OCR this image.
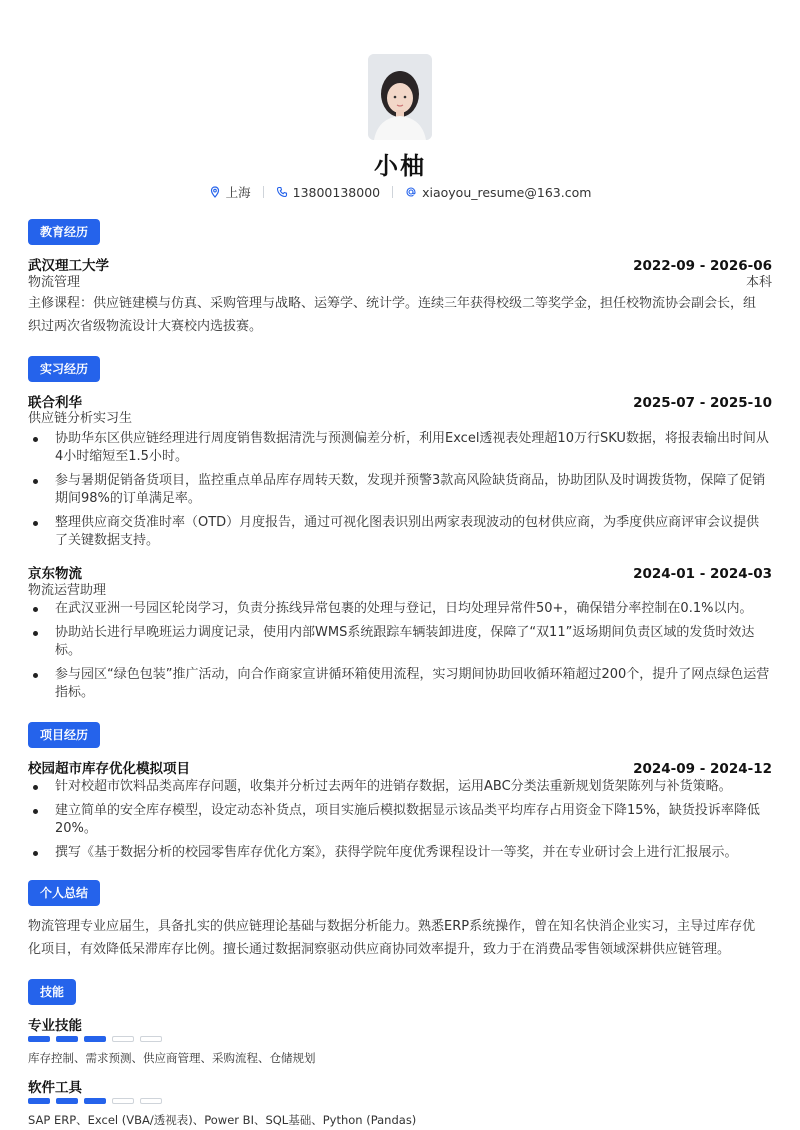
小柚
上海	13800138000	xiaoyou_resume@163.com
教育经历
武汉理工大学	2022-09 - 2026-06
物流管理	本科
主修课程：供应链建模与仿真、采购管理与战略、运筹学、统计学。连续三年获得校级二等奖学金，担任校物流协会副会长，组
织过两次省级物流设计大赛校内选拔赛。
实习经历
联合利华	2025-07 - 2025-10
供应链分析实习生
协助华东区供应链经理进行周度销售数据清洗与预测偏差分析，利用Excel透视表处理超10万行SKU数据，将报表输出时间从4小时缩短至1.5小时。
参与暑期促销备货项目，监控重点单品库存周转天数，发现并预警3款高风险缺货商品，协助团队及时调拨货物，保障了促销期间98%的订单满足率。
整理供应商交货准时率（OTD）月度报告，通过可视化图表识别出两家表现波动的包材供应商，为季度供应商评审会议提供了关键数据支持。
京东物流	2024-01 - 2024-03
物流运营助理
在武汉亚洲一号园区轮岗学习，负责分拣线异常包裹的处理与登记，日均处理异常件50+，确保错分率控制在0.1%以内。
协助站长进行早晚班运力调度记录，使用内部WMS系统跟踪车辆装卸进度，保障了“双11”返场期间负责区域的发货时效达标。
参与园区“绿色包装”推广活动，向合作商家宣讲循环箱使用流程，实习期间协助回收循环箱超过200个，提升了网点绿色运营指标。
项目经历
校园超市库存优化模拟项目	2024-09 - 2024-12
针对校超市饮料品类高库存问题，收集并分析过去两年的进销存数据，运用ABC分类法重新规划货架陈列与补货策略。
建立简单的安全库存模型，设定动态补货点，项目实施后模拟数据显示该品类平均库存占用资金下降15%，缺货投诉率降低20%。
撰写《基于数据分析的校园零售库存优化方案》，获得学院年度优秀课程设计一等奖，并在专业研讨会上进行汇报展示。
个人总结
物流管理专业应届生，具备扎实的供应链理论基础与数据分析能力。熟悉ERP系统操作，曾在知名快消企业实习，主导过库存优
化项目，有效降低呆滞库存比例。擅长通过数据洞察驱动供应商协同效率提升，致力于在消费品零售领域深耕供应链管理。
技能
专业技能
库存控制、需求预测、供应商管理、采购流程、仓储规划
软件工具
SAP ERP、Excel (VBA/透视表)、Power BI、SQL基础、Python (Pandas)
